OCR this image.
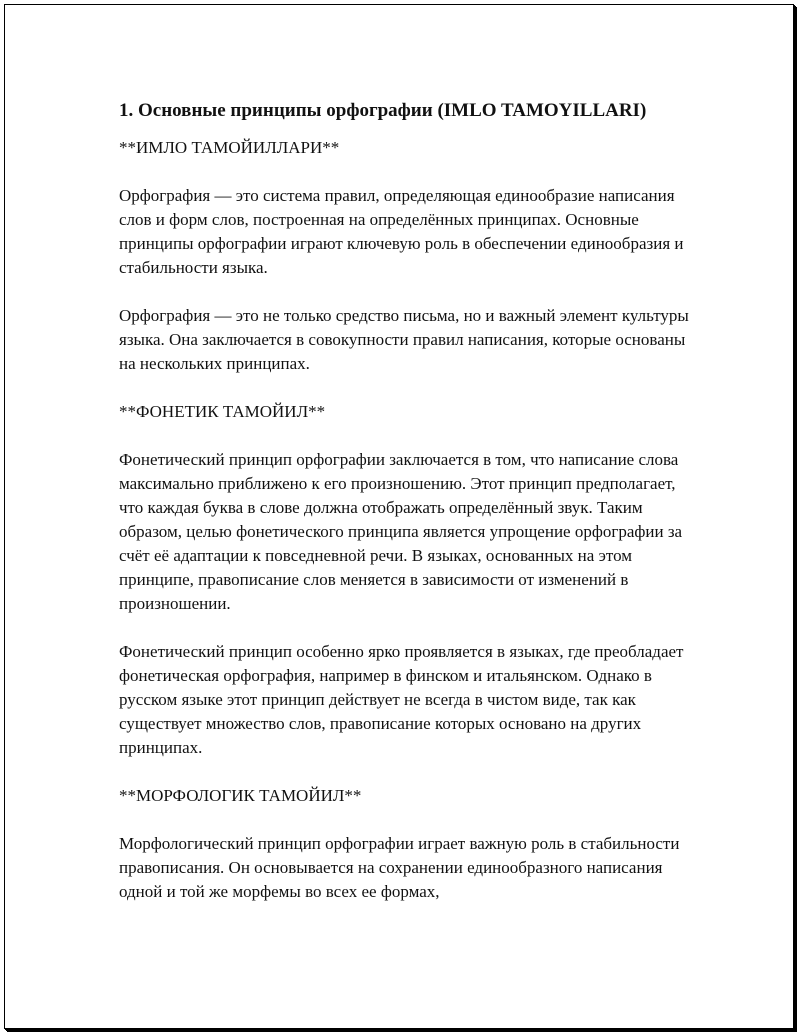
1. Основные принципы орфографии (IMLO TAMOYILLARI)

**ИМЛО ТАМОЙИЛЛАРИ**

Орфография — это система правил, определяющая единообразие написания слов и форм слов, построенная на определённых принципах. Основные принципы орфографии играют ключевую роль в обеспечении единообразия и стабильности языка.

Орфография — это не только средство письма, но и важный элемент культуры языка. Она заключается в совокупности правил написания, которые основаны на нескольких принципах.

**ФОНЕТИК ТАМОЙИЛ**

Фонетический принцип орфографии заключается в том, что написание слова максимально приближено к его произношению. Этот принцип предполагает, что каждая буква в слове должна отображать определённый звук. Таким образом, целью фонетического принципа является упрощение орфографии за счёт её адаптации к повседневной речи. В языках, основанных на этом принципе, правописание слов меняется в зависимости от изменений в произношении.

Фонетический принцип особенно ярко проявляется в языках, где преобладает фонетическая орфография, например в финском и итальянском. Однако в русском языке этот принцип действует не всегда в чистом виде, так как существует множество слов, правописание которых основано на других принципах.

**МОРФОЛОГИК ТАМОЙИЛ**

Морфологический принцип орфографии играет важную роль в стабильности правописания. Он основывается на сохранении единообразного написания одной и той же морфемы во всех ее формах,
